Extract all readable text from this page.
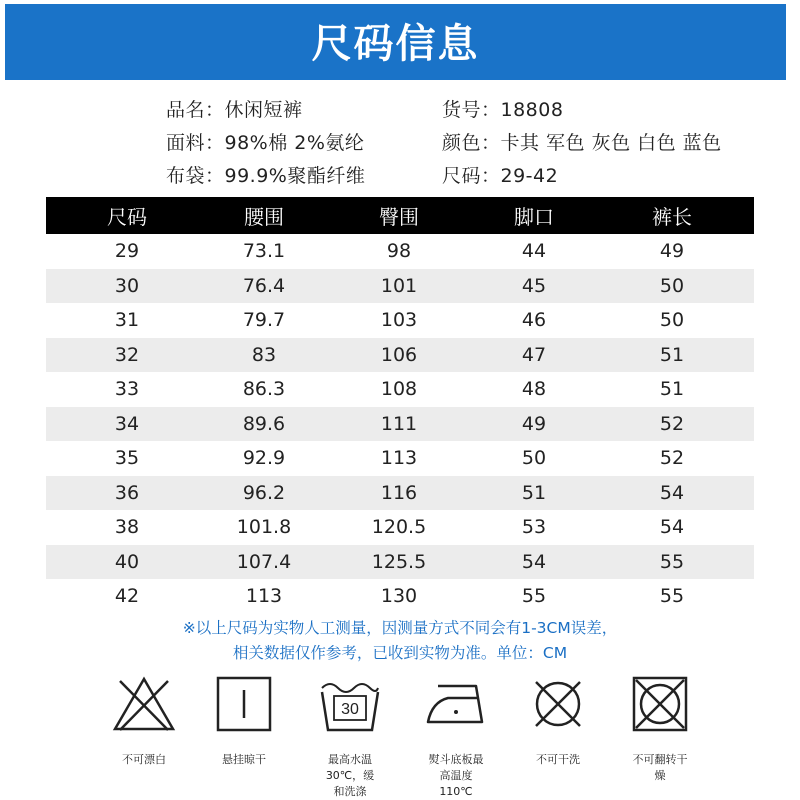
尺码信息
品名：休闲短裤
面料：98%棉 2%氨纶
布袋：99.9%聚酯纤维
货号：18808
颜色：卡其 军色 灰色 白色 蓝色
尺码：29-42
尺码	腰围	臀围	脚口	裤长
29	73.1	98	44	49
30	76.4	101	45	50
31	79.7	103	46	50
32	83	106	47	51
33	86.3	108	48	51
34	89.6	111	49	52
35	92.9	113	50	52
36	96.2	116	51	54
38	101.8	120.5	53	54
40	107.4	125.5	54	55
42	113	130	55	55
※以上尺码为实物人工测量，因测量方式不同会有1-3CM误差，
相关数据仅作参考，已收到实物为准。单位：CM
30
不可漂白	悬挂晾干	最高水温
30℃，缓
和洗涤
熨斗底板最
高温度
110℃
不可干洗	不可翻转干
燥
